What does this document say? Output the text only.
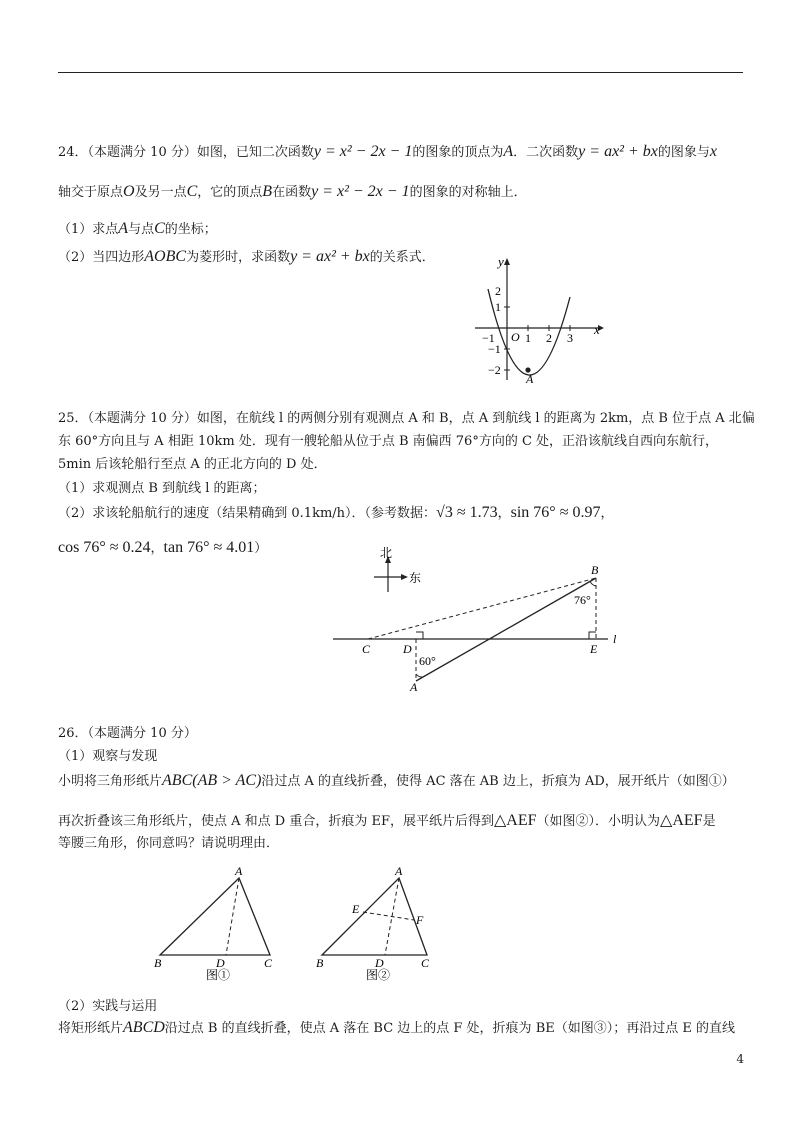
24．（本题满分 10 分）如图，已知二次函数y = x² − 2x − 1的图象的顶点为A．二次函数y = ax² + bx的图象与x
轴交于原点O及另一点C，它的顶点B在函数y = x² − 2x − 1的图象的对称轴上．
（1）求点A与点C的坐标；
（2）当四边形AOBC为菱形时，求函数y = ax² + bx的关系式．	y
x
−1	1 2 3
2
1
−1
−2
O
A
25．（本题满分 10 分）如图，在航线 l 的两侧分别有观测点 A 和 B，点 A 到航线 l 的距离为 2km，点 B 位于点 A 北偏
东 60°方向且与 A 相距 10km 处．现有一艘轮船从位于点 B 南偏西 76°方向的 C 处，正沿该航线自西向东航行，
5min 后该轮船行至点 A 的正北方向的 D 处．
（1）求观测点 B 到航线 l 的距离；
（2）求该轮船航行的速度（结果精确到 0.1km/h）．（参考数据：√3 ≈ 1.73，sin 76° ≈ 0.97，
cos 76° ≈ 0.24，tan 76° ≈ 4.01）	北
东
l
B
76°
C	D	E
60°
A
26．（本题满分 10 分）
（1）观察与发现
小明将三角形纸片ABC(AB > AC)沿过点 A 的直线折叠，使得 AC 落在 AB 边上，折痕为 AD，展开纸片（如图①）
再次折叠该三角形纸片，使点 A 和点 D 重合，折痕为 EF，展平纸片后得到△AEF（如图②）．小明认为△AEF是
等腰三角形，你同意吗？请说明理由．
A
B	C
D
图①
A
E
F
B	C
D
图②
（2）实践与运用
将矩形纸片ABCD沿过点 B 的直线折叠，使点 A 落在 BC 边上的点 F 处，折痕为 BE（如图③）；再沿过点 E 的直线
4
